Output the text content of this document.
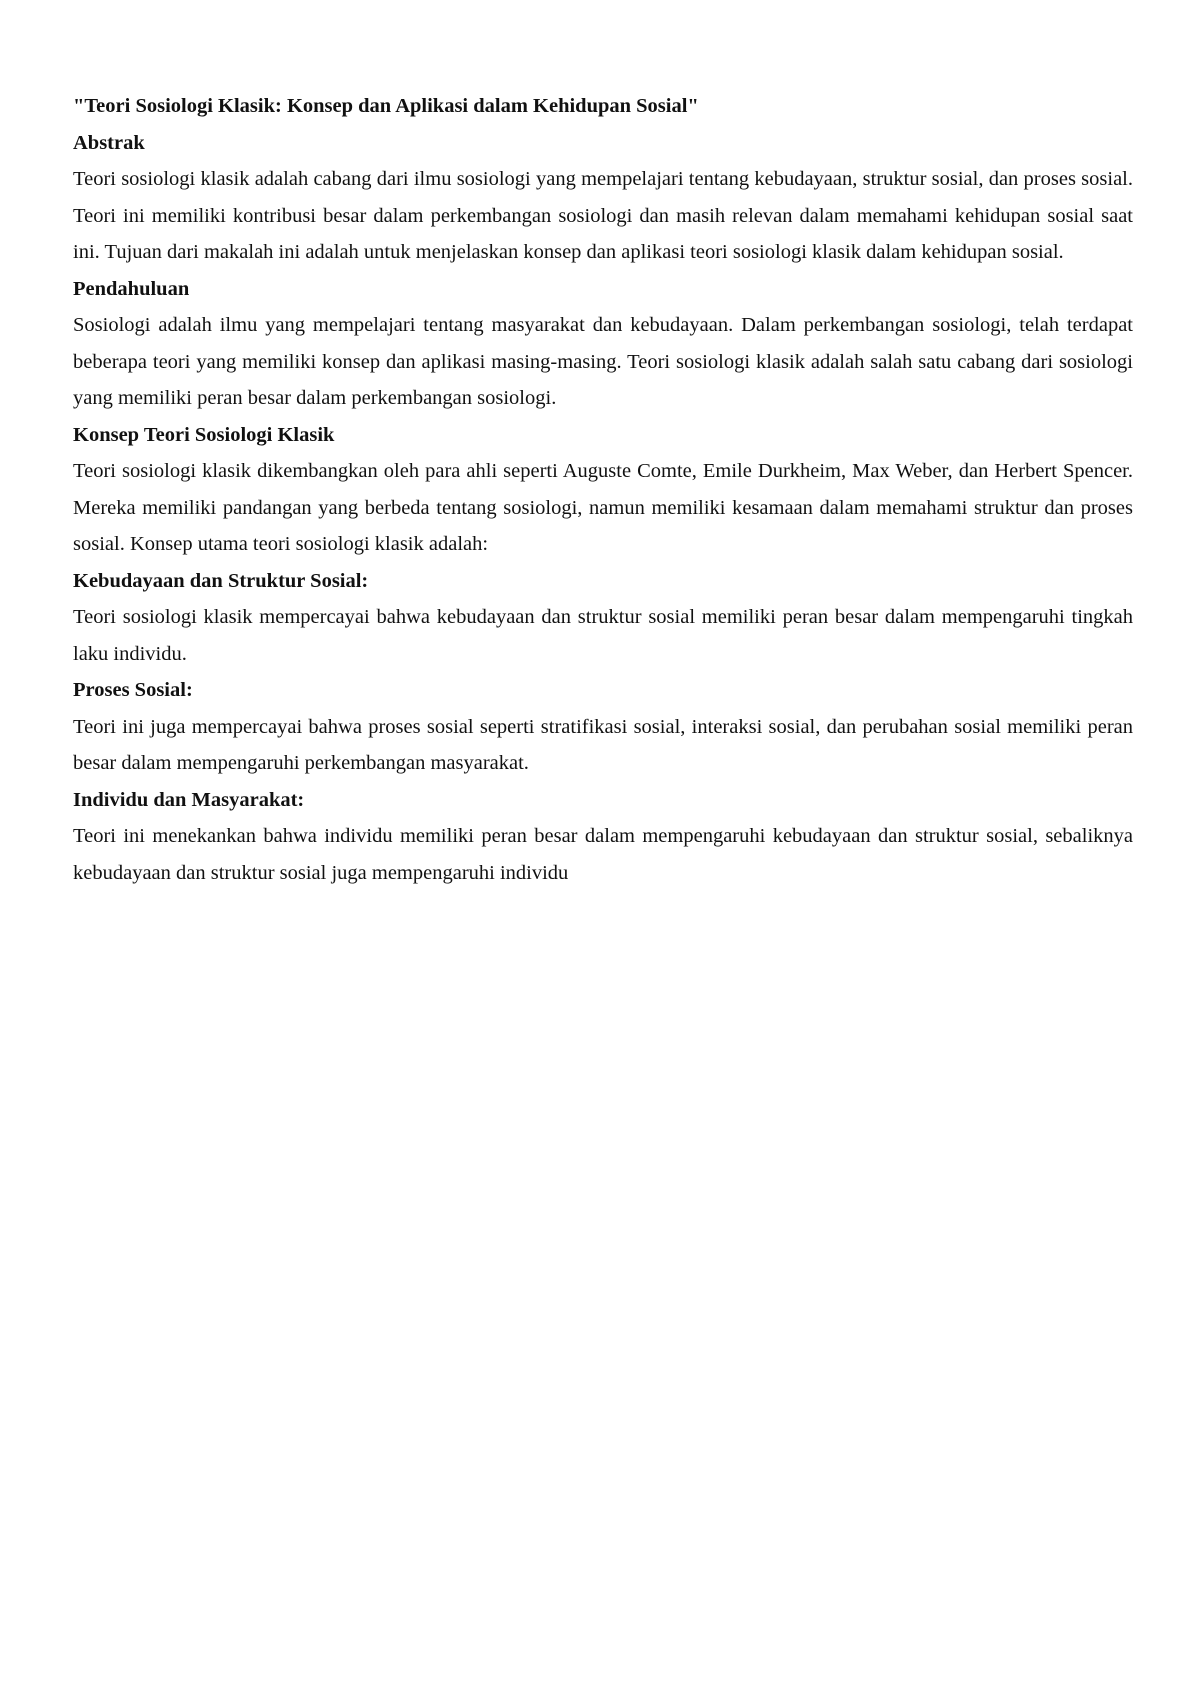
"Teori Sosiologi Klasik: Konsep dan Aplikasi dalam Kehidupan Sosial"

Abstrak

Teori sosiologi klasik adalah cabang dari ilmu sosiologi yang mempelajari tentang kebudayaan, struktur sosial, dan proses sosial. Teori ini memiliki kontribusi besar dalam perkembangan sosiologi dan masih relevan dalam memahami kehidupan sosial saat ini. Tujuan dari makalah ini adalah untuk menjelaskan konsep dan aplikasi teori sosiologi klasik dalam kehidupan sosial.

Pendahuluan

Sosiologi adalah ilmu yang mempelajari tentang masyarakat dan kebudayaan. Dalam perkembangan sosiologi, telah terdapat beberapa teori yang memiliki konsep dan aplikasi masing-masing. Teori sosiologi klasik adalah salah satu cabang dari sosiologi yang memiliki peran besar dalam perkembangan sosiologi.

Konsep Teori Sosiologi Klasik

Teori sosiologi klasik dikembangkan oleh para ahli seperti Auguste Comte, Emile Durkheim, Max Weber, dan Herbert Spencer. Mereka memiliki pandangan yang berbeda tentang sosiologi, namun memiliki kesamaan dalam memahami struktur dan proses sosial. Konsep utama teori sosiologi klasik adalah:

Kebudayaan dan Struktur Sosial:

Teori sosiologi klasik mempercayai bahwa kebudayaan dan struktur sosial memiliki peran besar dalam mempengaruhi tingkah laku individu.

Proses Sosial:

Teori ini juga mempercayai bahwa proses sosial seperti stratifikasi sosial, interaksi sosial, dan perubahan sosial memiliki peran besar dalam mempengaruhi perkembangan masyarakat.

Individu dan Masyarakat:

Teori ini menekankan bahwa individu memiliki peran besar dalam mempengaruhi kebudayaan dan struktur sosial, sebaliknya kebudayaan dan struktur sosial juga mempengaruhi individu
